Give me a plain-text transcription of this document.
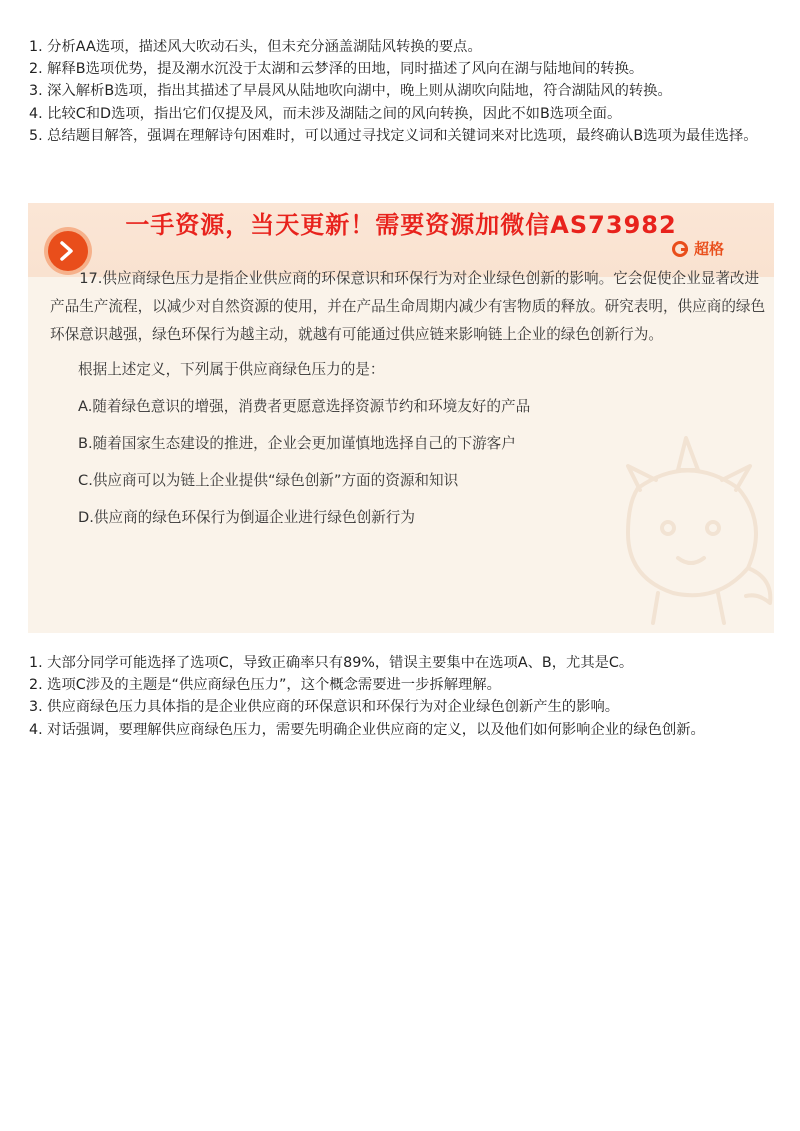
1. 分析AA选项，描述风大吹动石头，但未充分涵盖湖陆风转换的要点。
2. 解释B选项优势，提及潮水沉没于太湖和云梦泽的田地，同时描述了风向在湖与陆地间的转换。
3. 深入解析B选项，指出其描述了早晨风从陆地吹向湖中，晚上则从湖吹向陆地，符合湖陆风的转换。
4. 比较C和D选项，指出它们仅提及风，而未涉及湖陆之间的风向转换，因此不如B选项全面。
5. 总结题目解答，强调在理解诗句困难时，可以通过寻找定义词和关键词来对比选项，最终确认B选项为最佳选择。
一手资源，当天更新！需要资源加微信AS73982
超格
17.供应商绿色压力是指企业供应商的环保意识和环保行为对企业绿色创新的影响。它会促使企业显著改进产品生产流程，以减少对自然资源的使用，并在产品生命周期内减少有害物质的释放。研究表明，供应商的绿色环保意识越强，绿色环保行为越主动，就越有可能通过供应链来影响链上企业的绿色创新行为。
根据上述定义，下列属于供应商绿色压力的是：
A.随着绿色意识的增强，消费者更愿意选择资源节约和环境友好的产品
B.随着国家生态建设的推进，企业会更加谨慎地选择自己的下游客户
C.供应商可以为链上企业提供“绿色创新”方面的资源和知识
D.供应商的绿色环保行为倒逼企业进行绿色创新行为
1. 大部分同学可能选择了选项C，导致正确率只有89%，错误主要集中在选项A、B，尤其是C。
2. 选项C涉及的主题是“供应商绿色压力”，这个概念需要进一步拆解理解。
3. 供应商绿色压力具体指的是企业供应商的环保意识和环保行为对企业绿色创新产生的影响。
4. 对话强调，要理解供应商绿色压力，需要先明确企业供应商的定义，以及他们如何影响企业的绿色创新。
